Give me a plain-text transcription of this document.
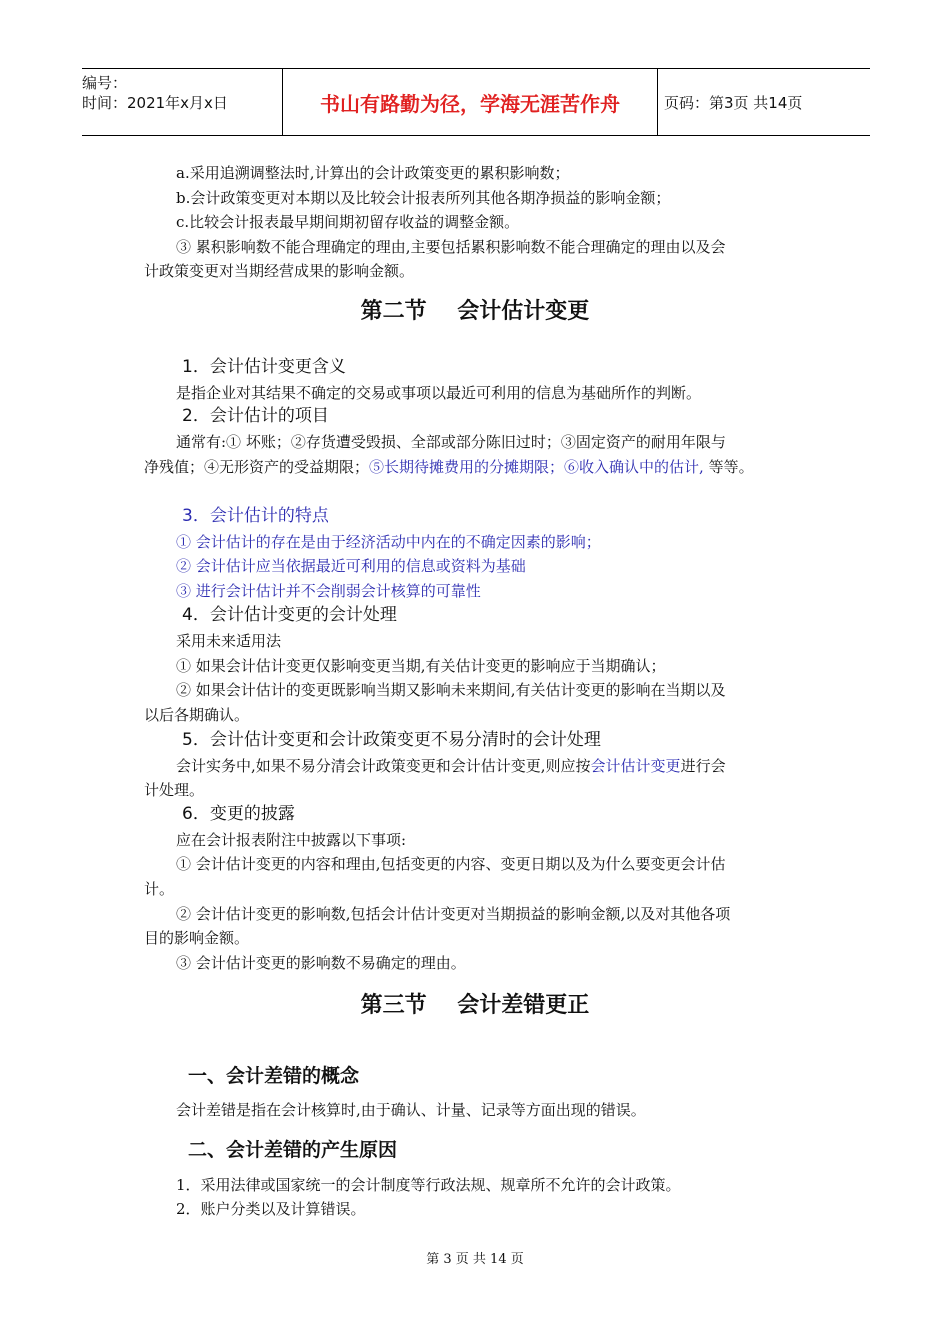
编号：
时间：2021年x月x日	书山有路勤为径，学海无涯苦作舟	页码：第3页 共14页
a.采用追溯调整法时,计算出的会计政策变更的累积影响数；
b.会计政策变更对本期以及比较会计报表所列其他各期净损益的影响金额；
c.比较会计报表最早期间期初留存收益的调整金额。
③ 累积影响数不能合理确定的理由,主要包括累积影响数不能合理确定的理由以及会
计政策变更对当期经营成果的影响金额。
第二节    会计估计变更
1．会计估计变更含义
是指企业对其结果不确定的交易或事项以最近可利用的信息为基础所作的判断。
2．会计估计的项目
通常有:① 坏账；②存货遭受毁损、全部或部分陈旧过时；③固定资产的耐用年限与
净残值；④无形资产的受益期限；⑤长期待摊费用的分摊期限；⑥收入确认中的估计, 等等。
3．会计估计的特点
① 会计估计的存在是由于经济活动中内在的不确定因素的影响；
② 会计估计应当依据最近可利用的信息或资料为基础
③ 进行会计估计并不会削弱会计核算的可靠性
4．会计估计变更的会计处理
采用未来适用法
① 如果会计估计变更仅影响变更当期,有关估计变更的影响应于当期确认；
② 如果会计估计的变更既影响当期又影响未来期间,有关估计变更的影响在当期以及
以后各期确认。
5．会计估计变更和会计政策变更不易分清时的会计处理
会计实务中,如果不易分清会计政策变更和会计估计变更,则应按会计估计变更进行会
计处理。
6．变更的披露
应在会计报表附注中披露以下事项:
① 会计估计变更的内容和理由,包括变更的内容、变更日期以及为什么要变更会计估
计。
② 会计估计变更的影响数,包括会计估计变更对当期损益的影响金额,以及对其他各项
目的影响金额。
③ 会计估计变更的影响数不易确定的理由。
第三节    会计差错更正
一、会计差错的概念
会计差错是指在会计核算时,由于确认、计量、记录等方面出现的错误。
二、会计差错的产生原因
1．采用法律或国家统一的会计制度等行政法规、规章所不允许的会计政策。
2．账户分类以及计算错误。
第 3 页 共 14 页
